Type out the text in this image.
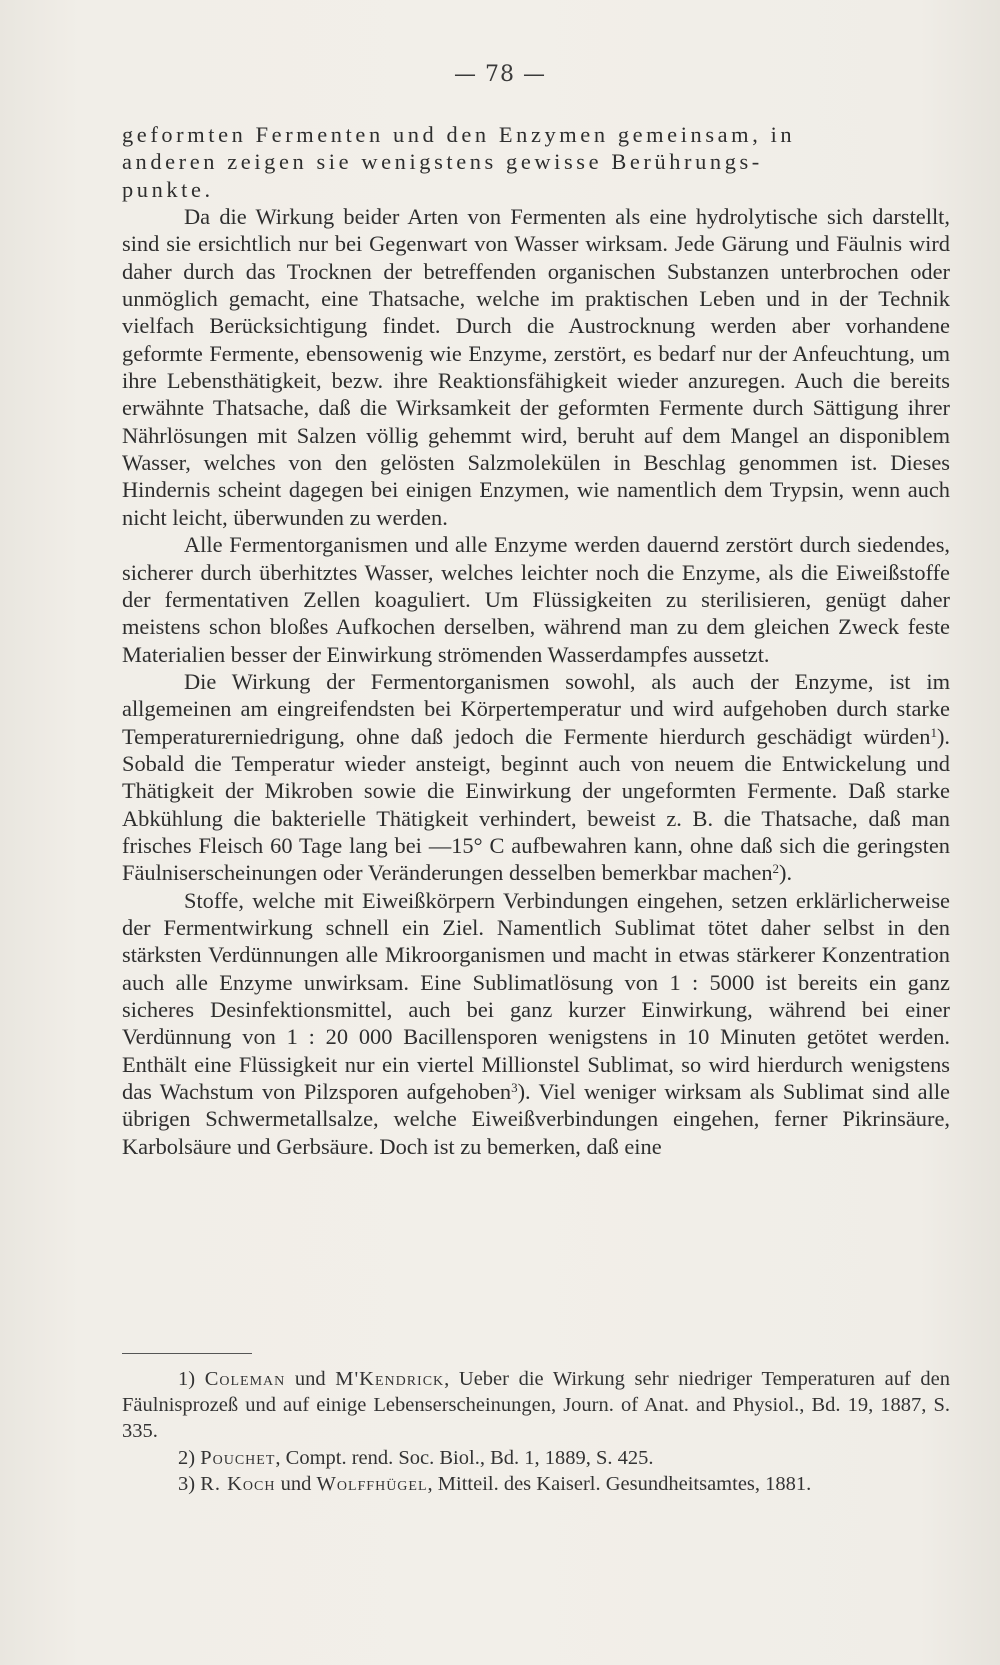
— 78 —

geformten Fermenten und den Enzymen gemeinsam, in
anderen zeigen sie wenigstens gewisse Berührungs-
punkte.

Da die Wirkung beider Arten von Fermenten als eine hydrolytische sich darstellt, sind sie ersichtlich nur bei Gegenwart von Wasser wirksam. Jede Gärung und Fäulnis wird daher durch das Trocknen der betreffenden organischen Substanzen unterbrochen oder unmöglich gemacht, eine Thatsache, welche im praktischen Leben und in der Technik vielfach Berücksichtigung findet. Durch die Austrocknung werden aber vorhandene geformte Fermente, ebensowenig wie Enzyme, zerstört, es bedarf nur der Anfeuchtung, um ihre Lebensthätigkeit, bezw. ihre Reaktionsfähigkeit wieder anzuregen. Auch die bereits erwähnte Thatsache, daß die Wirksamkeit der geformten Fermente durch Sättigung ihrer Nährlösungen mit Salzen völlig gehemmt wird, beruht auf dem Mangel an disponiblem Wasser, welches von den gelösten Salzmolekülen in Beschlag genommen ist. Dieses Hindernis scheint dagegen bei einigen Enzymen, wie namentlich dem Trypsin, wenn auch nicht leicht, überwunden zu werden.

Alle Fermentorganismen und alle Enzyme werden dauernd zerstört durch siedendes, sicherer durch überhitztes Wasser, welches leichter noch die Enzyme, als die Eiweißstoffe der fermentativen Zellen koaguliert. Um Flüssigkeiten zu sterilisieren, genügt daher meistens schon bloßes Aufkochen derselben, während man zu dem gleichen Zweck feste Materialien besser der Einwirkung strömenden Wasserdampfes aussetzt.

Die Wirkung der Fermentorganismen sowohl, als auch der Enzyme, ist im allgemeinen am eingreifendsten bei Körpertemperatur und wird aufgehoben durch starke Temperaturerniedrigung, ohne daß jedoch die Fermente hierdurch geschädigt würden$^1$). Sobald die Temperatur wieder ansteigt, beginnt auch von neuem die Entwickelung und Thätigkeit der Mikroben sowie die Einwirkung der ungeformten Fermente. Daß starke Abkühlung die bakterielle Thätigkeit verhindert, beweist z. B. die Thatsache, daß man frisches Fleisch 60 Tage lang bei —15° C aufbewahren kann, ohne daß sich die geringsten Fäulniserscheinungen oder Veränderungen desselben bemerkbar machen$^2$).

Stoffe, welche mit Eiweißkörpern Verbindungen eingehen, setzen erklärlicherweise der Fermentwirkung schnell ein Ziel. Namentlich Sublimat tötet daher selbst in den stärksten Verdünnungen alle Mikroorganismen und macht in etwas stärkerer Konzentration auch alle Enzyme unwirksam. Eine Sublimatlösung von 1 : 5000 ist bereits ein ganz sicheres Desinfektionsmittel, auch bei ganz kurzer Einwirkung, während bei einer Verdünnung von 1 : 20 000 Bacillensporen wenigstens in 10 Minuten getötet werden. Enthält eine Flüssigkeit nur ein viertel Millionstel Sublimat, so wird hierdurch wenigstens das Wachstum von Pilzsporen aufgehoben$^3$). Viel weniger wirksam als Sublimat sind alle übrigen Schwermetallsalze, welche Eiweißverbindungen eingehen, ferner Pikrinsäure, Karbolsäure und Gerbsäure. Doch ist zu bemerken, daß eine

1) Coleman und M'Kendrick, Ueber die Wirkung sehr niedriger Temperaturen auf den Fäulnisprozeß und auf einige Lebenserscheinungen, Journ. of Anat. and Physiol., Bd. 19, 1887, S. 335.

2) Pouchet, Compt. rend. Soc. Biol., Bd. 1, 1889, S. 425.

3) R. Koch und Wolffhügel, Mitteil. des Kaiserl. Gesundheitsamtes, 1881.
